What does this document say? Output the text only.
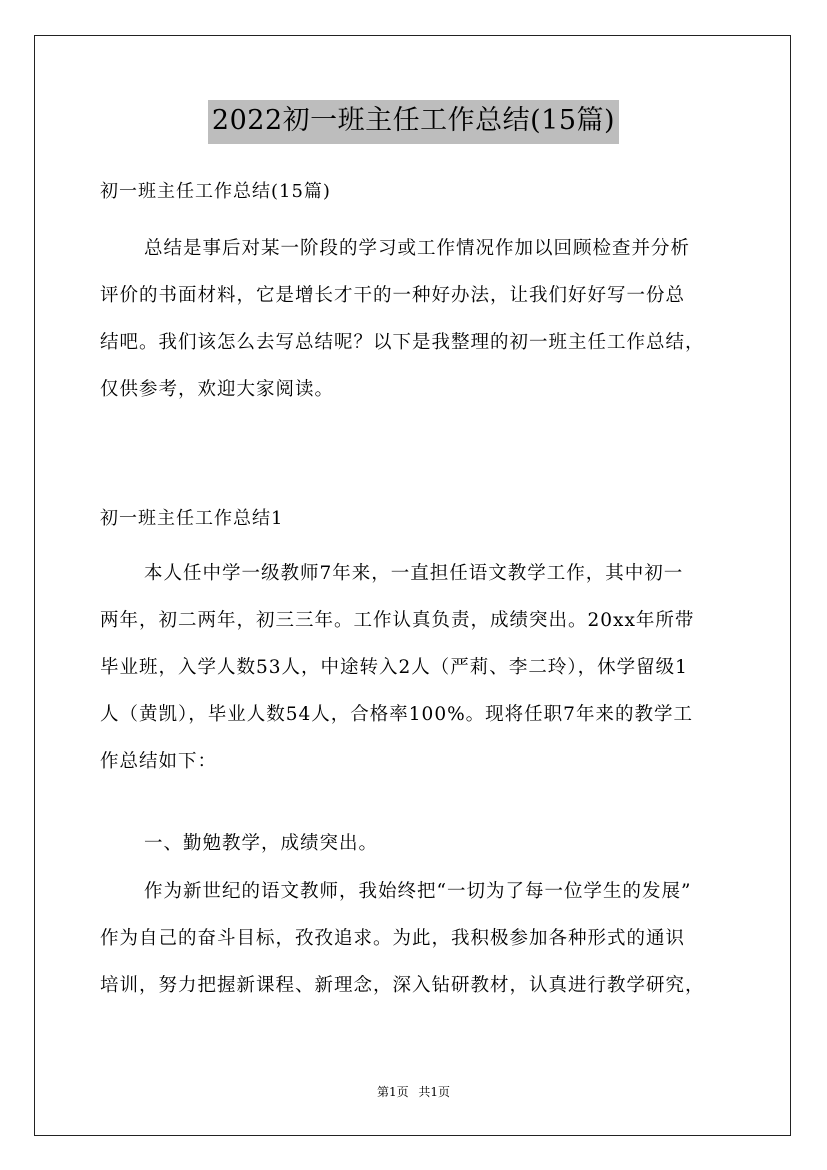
2022初一班主任工作总结(15篇)
初一班主任工作总结(15篇)
总结是事后对某一阶段的学习或工作情况作加以回顾检查并分析
评价的书面材料，它是增长才干的一种好办法，让我们好好写一份总
结吧。我们该怎么去写总结呢？以下是我整理的初一班主任工作总结，
仅供参考，欢迎大家阅读。
初一班主任工作总结1
本人任中学一级教师7年来，一直担任语文教学工作，其中初一
两年，初二两年，初三三年。工作认真负责，成绩突出。20xx年所带
毕业班，入学人数53人，中途转入2人（严莉、李二玲），休学留级1
人（黄凯），毕业人数54人，合格率100%。现将任职7年来的教学工
作总结如下：
一、勤勉教学，成绩突出。
作为新世纪的语文教师，我始终把“一切为了每一位学生的发展”
作为自己的奋斗目标，孜孜追求。为此，我积极参加各种形式的通识
培训，努力把握新课程、新理念，深入钻研教材，认真进行教学研究，
第1页 共1页
